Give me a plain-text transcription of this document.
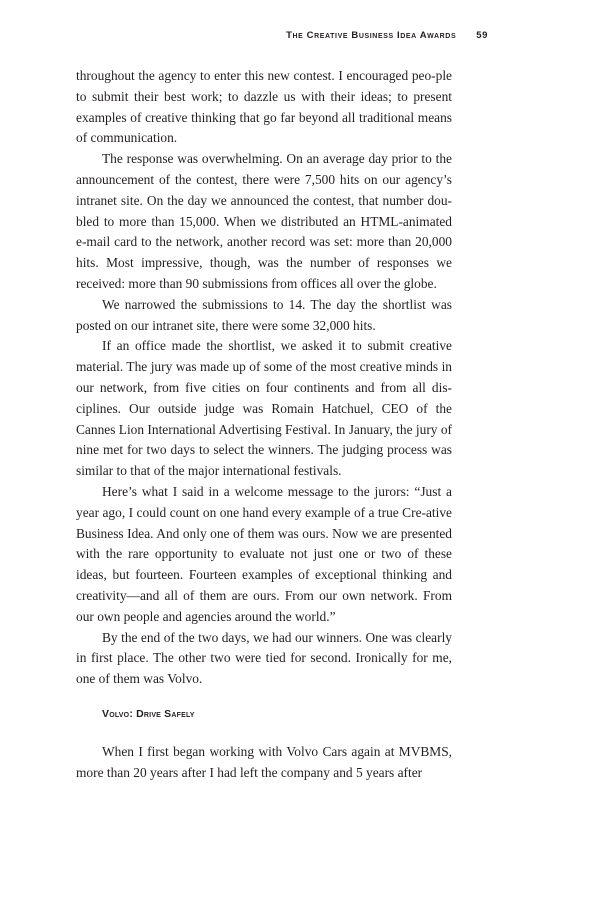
The Creative Business Idea Awards 59

throughout the agency to enter this new contest. I encouraged peo-ple to submit their best work; to dazzle us with their ideas; to present examples of creative thinking that go far beyond all traditional means of communication.

The response was overwhelming. On an average day prior to the announcement of the contest, there were 7,500 hits on our agency’s intranet site. On the day we announced the contest, that number dou-bled to more than 15,000. When we distributed an HTML-animated e-mail card to the network, another record was set: more than 20,000 hits. Most impressive, though, was the number of responses we received: more than 90 submissions from offices all over the globe.

We narrowed the submissions to 14. The day the shortlist was posted on our intranet site, there were some 32,000 hits.

If an office made the shortlist, we asked it to submit creative material. The jury was made up of some of the most creative minds in our network, from five cities on four continents and from all dis-ciplines. Our outside judge was Romain Hatchuel, CEO of the Cannes Lion International Advertising Festival. In January, the jury of nine met for two days to select the winners. The judging process was similar to that of the major international festivals.

Here’s what I said in a welcome message to the jurors: “Just a year ago, I could count on one hand every example of a true Cre-ative Business Idea. And only one of them was ours. Now we are presented with the rare opportunity to evaluate not just one or two of these ideas, but fourteen. Fourteen examples of exceptional thinking and creativity—and all of them are ours. From our own network. From our own people and agencies around the world.”

By the end of the two days, we had our winners. One was clearly in first place. The other two were tied for second. Ironically for me, one of them was Volvo.

Volvo: Drive Safely

When I first began working with Volvo Cars again at MVBMS, more than 20 years after I had left the company and 5 years after
